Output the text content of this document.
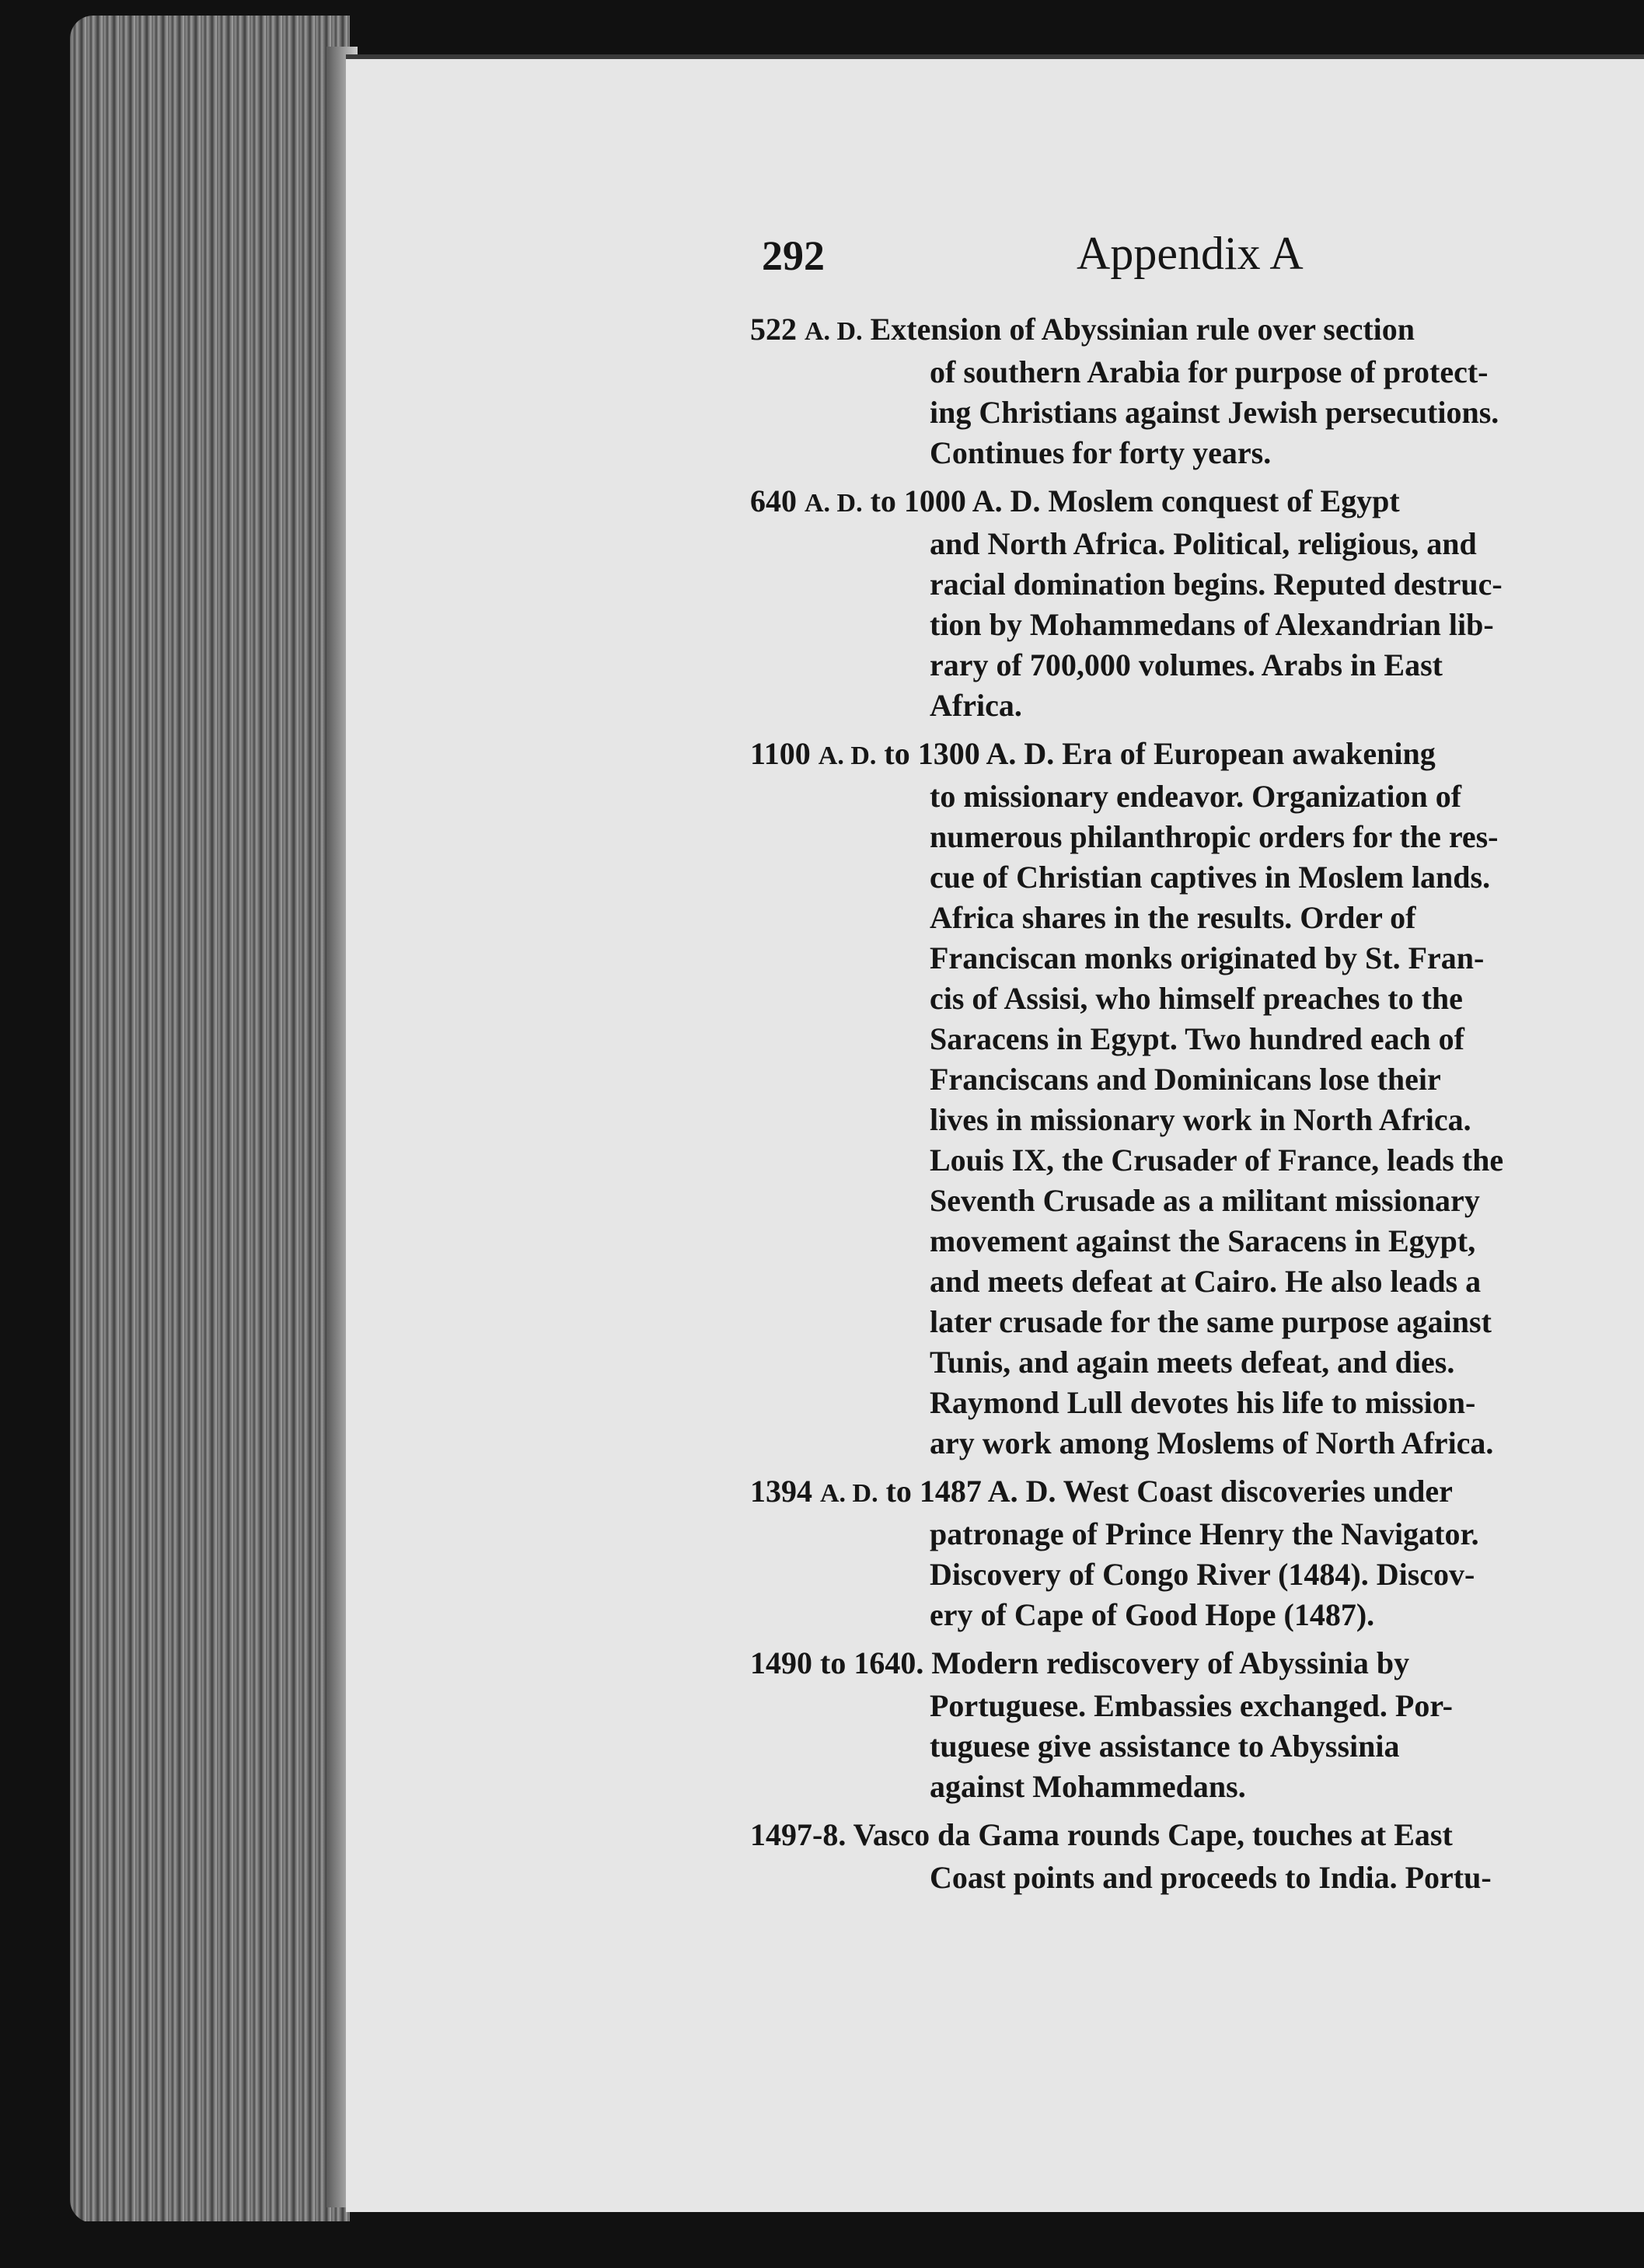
292	Appendix A
522 A. D. Extension of Abyssinian rule over section
of southern Arabia for purpose of protect-
ing Christians against Jewish persecutions.
Continues for forty years.
640 A. D. to 1000 A. D. Moslem conquest of Egypt
and North Africa. Political, religious, and
racial domination begins. Reputed destruc-
tion by Mohammedans of Alexandrian lib-
rary of 700,000 volumes. Arabs in East
Africa.
1100 A. D. to 1300 A. D. Era of European awakening
to missionary endeavor. Organization of
numerous philanthropic orders for the res-
cue of Christian captives in Moslem lands.
Africa shares in the results. Order of
Franciscan monks originated by St. Fran-
cis of Assisi, who himself preaches to the
Saracens in Egypt. Two hundred each of
Franciscans and Dominicans lose their
lives in missionary work in North Africa.
Louis IX, the Crusader of France, leads the
Seventh Crusade as a militant missionary
movement against the Saracens in Egypt,
and meets defeat at Cairo. He also leads a
later crusade for the same purpose against
Tunis, and again meets defeat, and dies.
Raymond Lull devotes his life to mission-
ary work among Moslems of North Africa.
1394 A. D. to 1487 A. D. West Coast discoveries under
patronage of Prince Henry the Navigator.
Discovery of Congo River (1484). Discov-
ery of Cape of Good Hope (1487).
1490 to 1640. Modern rediscovery of Abyssinia by
Portuguese. Embassies exchanged. Por-
tuguese give assistance to Abyssinia
against Mohammedans.
1497-8. Vasco da Gama rounds Cape, touches at East
Coast points and proceeds to India. Portu-
